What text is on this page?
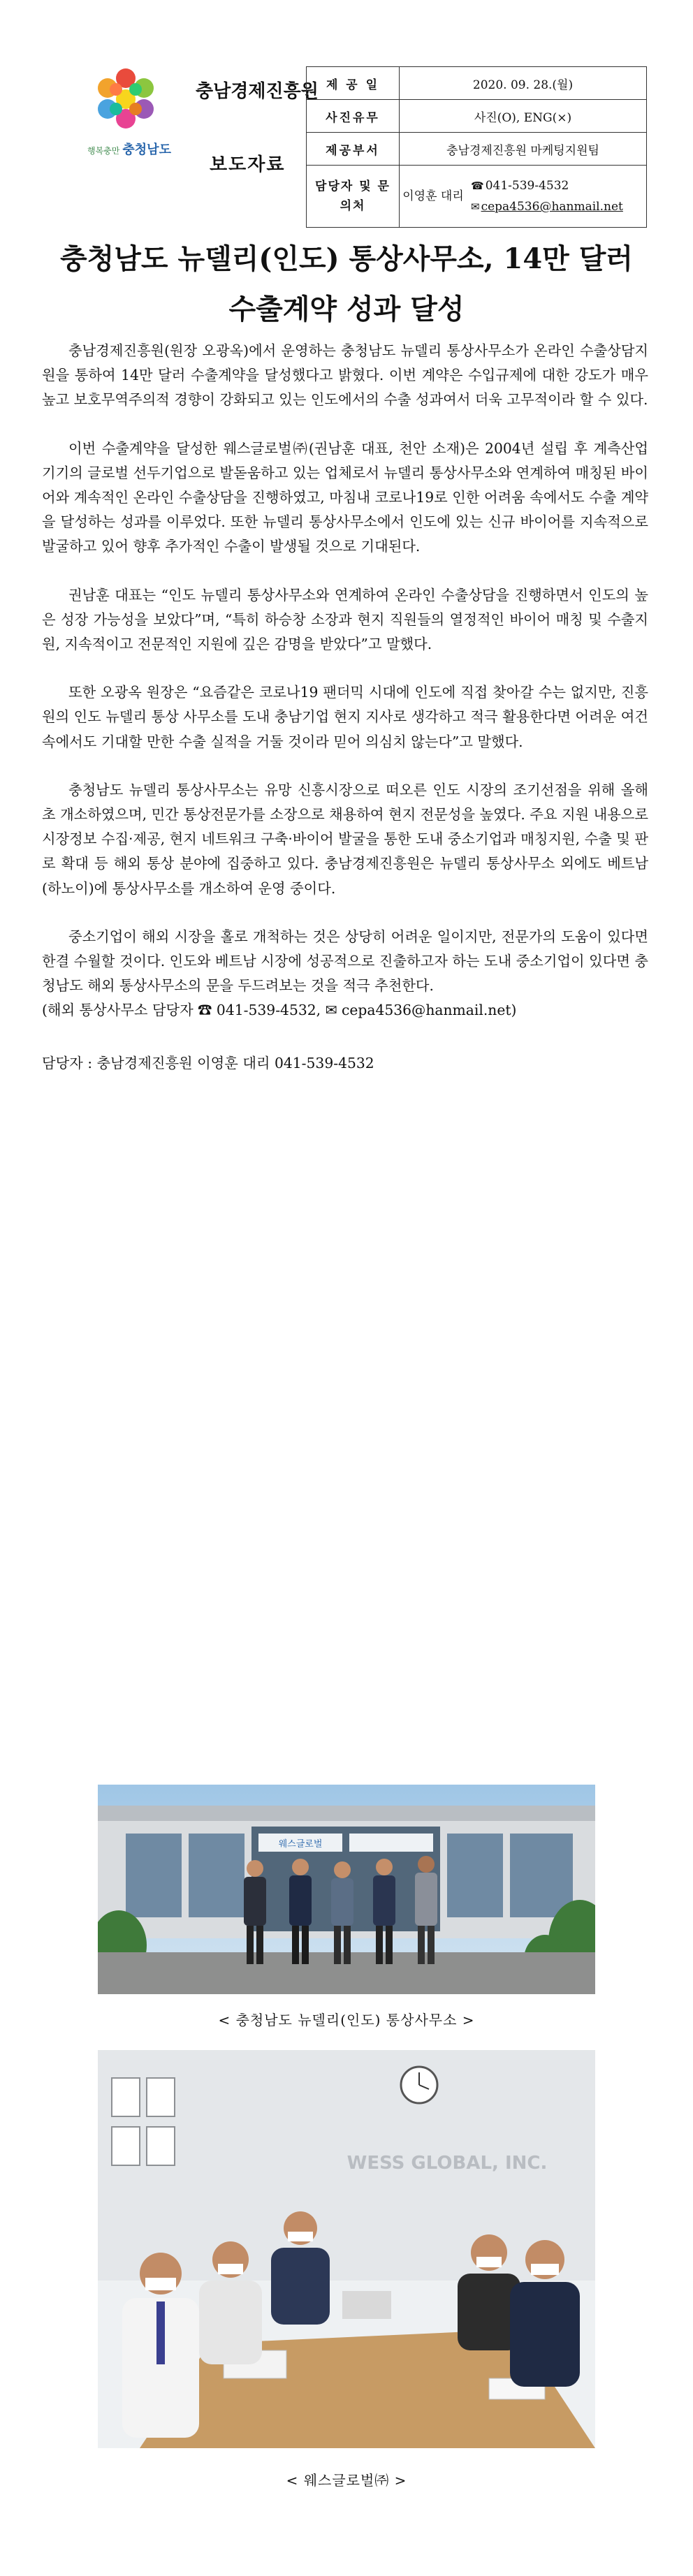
행복충만 충청남도
충남경제진흥원
보도자료
제 공 일	2020. 09. 28.(월)
사진유무	사진(O), ENG(×)
제공부서	충남경제진흥원 마케팅지원팀
담당자 및 문의처	이영훈 대리
☎ 041-539-4532
✉ cepa4536@hanmail.net
충청남도 뉴델리(인도) 통상사무소, 14만 달러
수출계약 성과 달성

충남경제진흥원(원장 오광옥)에서 운영하는 충청남도 뉴델리 통상사무소가 온라인 수출상담지원을 통하여 14만 달러 수출계약을 달성했다고 밝혔다. 이번 계약은 수입규제에 대한 강도가 매우 높고 보호무역주의적 경향이 강화되고 있는 인도에서의 수출 성과여서 더욱 고무적이라 할 수 있다.

이번 수출계약을 달성한 웨스글로벌㈜(권남훈 대표, 천안 소재)은 2004년 설립 후 계측산업 기기의 글로벌 선두기업으로 발돋움하고 있는 업체로서 뉴델리 통상사무소와 연계하여 매칭된 바이어와 계속적인 온라인 수출상담을 진행하였고, 마침내 코로나19로 인한 어려움 속에서도 수출 계약을 달성하는 성과를 이루었다. 또한 뉴델리 통상사무소에서 인도에 있는 신규 바이어를 지속적으로 발굴하고 있어 향후 추가적인 수출이 발생될 것으로 기대된다.

권남훈 대표는 “인도 뉴델리 통상사무소와 연계하여 온라인 수출상담을 진행하면서 인도의 높은 성장 가능성을 보았다”며, “특히 하승창 소장과 현지 직원들의 열정적인 바이어 매칭 및 수출지원, 지속적이고 전문적인 지원에 깊은 감명을 받았다”고 말했다.

또한 오광옥 원장은 “요즘같은 코로나19 팬더믹 시대에 인도에 직접 찾아갈 수는 없지만, 진흥원의 인도 뉴델리 통상 사무소를 도내 충남기업 현지 지사로 생각하고 적극 활용한다면 어려운 여건속에서도 기대할 만한 수출 실적을 거둘 것이라 믿어 의심치 않는다”고 말했다.

충청남도 뉴델리 통상사무소는 유망 신흥시장으로 떠오른 인도 시장의 조기선점을 위해 올해 초 개소하였으며, 민간 통상전문가를 소장으로 채용하여 현지 전문성을 높였다. 주요 지원 내용으로 시장정보 수집·제공, 현지 네트워크 구축·바이어 발굴을 통한 도내 중소기업과 매칭지원, 수출 및 판로 확대 등 해외 통상 분야에 집중하고 있다. 충남경제진흥원은 뉴델리 통상사무소 외에도 베트남(하노이)에 통상사무소를 개소하여 운영 중이다.

중소기업이 해외 시장을 홀로 개척하는 것은 상당히 어려운 일이지만, 전문가의 도움이 있다면 한결 수월할 것이다. 인도와 베트남 시장에 성공적으로 진출하고자 하는 도내 중소기업이 있다면 충청남도 해외 통상사무소의 문을 두드려보는 것을 적극 추천한다.

(해외 통상사무소 담당자 ☎ 041-539-4532, ✉ cepa4536@hanmail.net)

담당자 : 충남경제진흥원 이영훈 대리 041-539-4532

웨스글로벌
< 충청남도 뉴델리(인도) 통상사무소 >
WESS GLOBAL, INC.
< 웨스글로벌㈜ >
